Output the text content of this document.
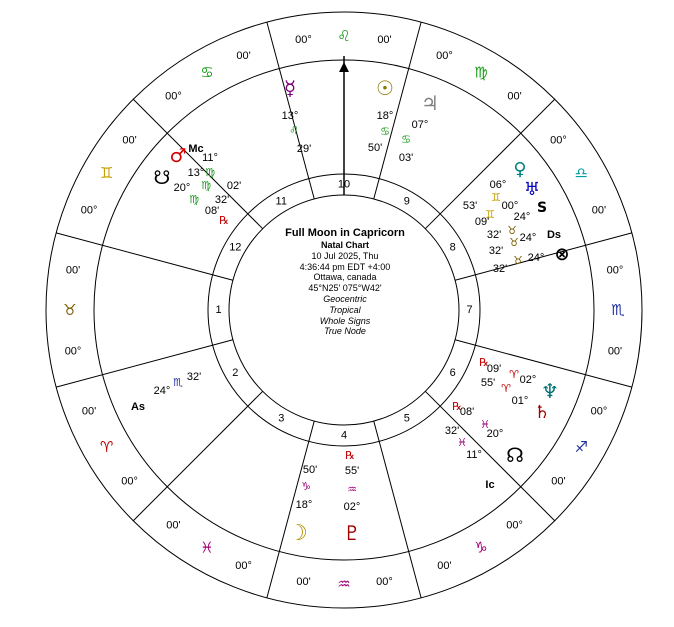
♌
00°	00'
♋
00°
00'
♊
00°
00'
♉
00°
00'
♈
00°
00'
♓
00°
00'
♒ 00°
00'
♑
00°
00'
♐
00°
00'
♏
00°
00'
♎
00°
00'
♍
00°
00'
1
2
3
4
5
6
7
8
9
10
11
12
☿
13°
♌
29'
☉
18°
♋
50'
♃
07°
♋
03'
Mc
♂ 11°
☋ 13° ♍
20° ♍ 02'
♍ 32'
08'
℞
♀
06° ♅
♊
53' 00°
♊
09'
S
24°
♉
32'	Ds
24°
♉
32'	⊗
24°
♉
32'
♆
℞
09' ♈ 02°
♄
55' ♈
01°
☊
℞
08'
♓
20°
Ic
11°
♓
32'
50'
♑
18°
☽
℞
55'
♒
02°
♇
As
24°
♏ 32'
Full Moon in Capricorn
Natal Chart
10 Jul 2025, Thu
4:36:44 pm EDT +4:00
Ottawa, canada
45°N25' 075°W42'
Geocentric
Tropical
Whole Signs
True Node
